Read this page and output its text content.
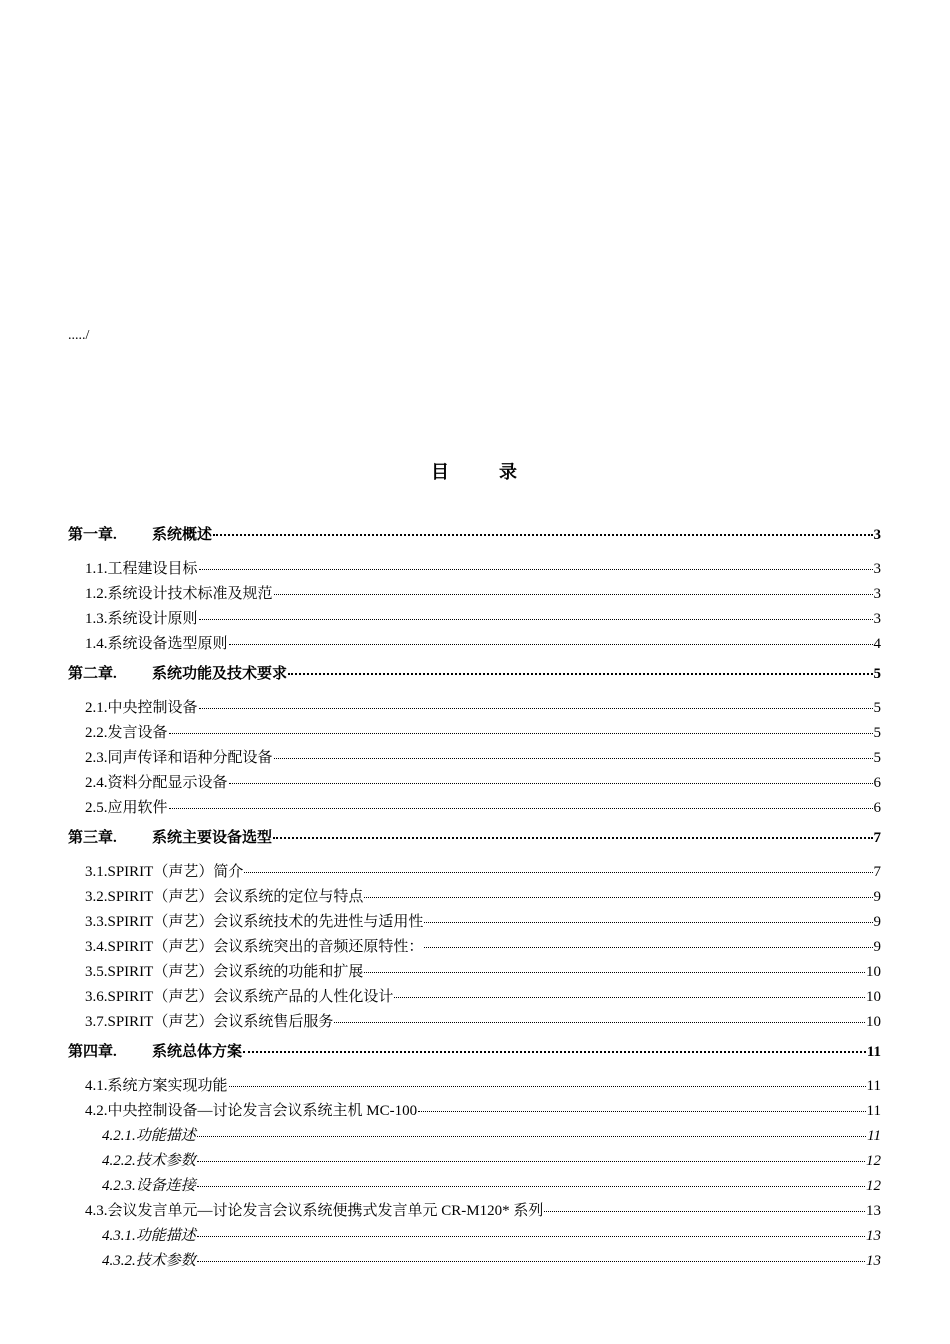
...../
目	录
第一章.	系统概述	3
1.1. 工程建设目标	3
1.2. 系统设计技术标准及规范	3
1.3. 系统设计原则	3
1.4. 系统设备选型原则	4
第二章.	系统功能及技术要求	5
2.1. 中央控制设备	5
2.2. 发言设备	5
2.3. 同声传译和语种分配设备	5
2.4. 资料分配显示设备	6
2.5. 应用软件	6
第三章.	系统主要设备选型	7
3.1. SPIRIT（声艺）简介	7
3.2. SPIRIT（声艺）会议系统的定位与特点	9
3.3. SPIRIT（声艺）会议系统技术的先进性与适用性	9
3.4. SPIRIT（声艺）会议系统突出的音频还原特性：	9
3.5. SPIRIT（声艺）会议系统的功能和扩展	10
3.6. SPIRIT（声艺）会议系统产品的人性化设计	10
3.7. SPIRIT（声艺）会议系统售后服务	10
第四章.	系统总体方案	11
4.1. 系统方案实现功能	11
4.2. 中央控制设备—讨论发言会议系统主机 MC-100	11
4.2.1. 功能描述	11
4.2.2. 技术参数	12
4.2.3. 设备连接	12
4.3. 会议发言单元—讨论发言会议系统便携式发言单元 CR-M120* 系列	13
4.3.1. 功能描述	13
4.3.2. 技术参数	13
